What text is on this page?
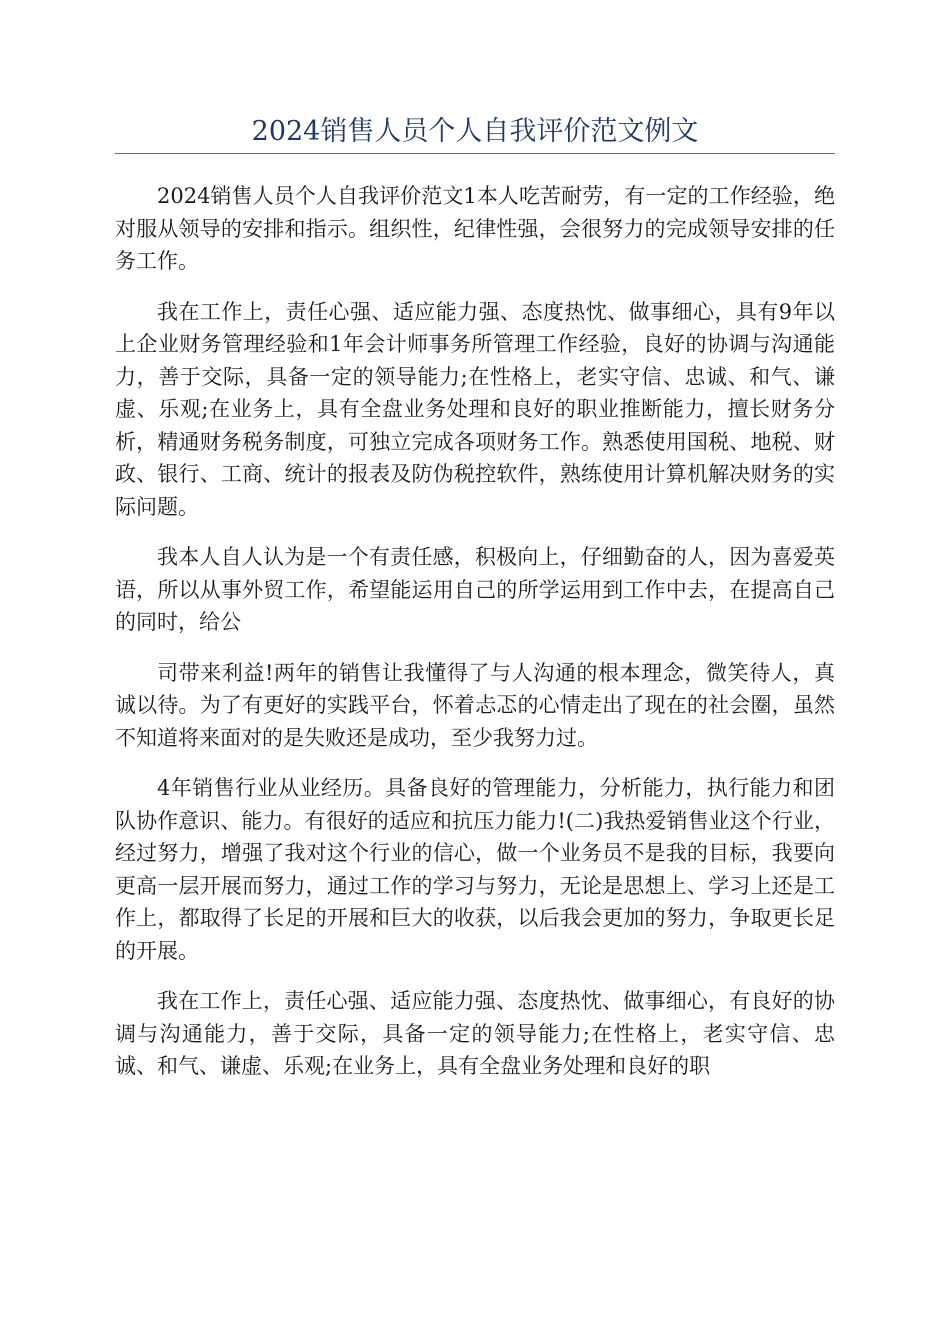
2024销售人员个人自我评价范文例文

2024销售人员个人自我评价范文1本人吃苦耐劳，有一定的工作经验，绝对服从领导的安排和指示。组织性，纪律性强，会很努力的完成领导安排的任务工作。

我在工作上，责任心强、适应能力强、态度热忱、做事细心，具有9年以上企业财务管理经验和1年会计师事务所管理工作经验，良好的协调与沟通能力，善于交际，具备一定的领导能力;在性格上，老实守信、忠诚、和气、谦虚、乐观;在业务上，具有全盘业务处理和良好的职业推断能力，擅长财务分析，精通财务税务制度，可独立完成各项财务工作。熟悉使用国税、地税、财政、银行、工商、统计的报表及防伪税控软件，熟练使用计算机解决财务的实际问题。

我本人自人认为是一个有责任感，积极向上，仔细勤奋的人，因为喜爱英语，所以从事外贸工作，希望能运用自己的所学运用到工作中去，在提高自己的同时，给公

司带来利益!两年的销售让我懂得了与人沟通的根本理念，微笑待人，真诚以待。为了有更好的实践平台，怀着忐忑的心情走出了现在的社会圈，虽然不知道将来面对的是失败还是成功，至少我努力过。

4年销售行业从业经历。具备良好的管理能力，分析能力，执行能力和团队协作意识、能力。有很好的适应和抗压力能力!(二)我热爱销售业这个行业，经过努力，增强了我对这个行业的信心，做一个业务员不是我的目标，我要向更高一层开展而努力，通过工作的学习与努力，无论是思想上、学习上还是工作上，都取得了长足的开展和巨大的收获，以后我会更加的努力，争取更长足的开展。

我在工作上，责任心强、适应能力强、态度热忱、做事细心，有良好的协调与沟通能力，善于交际，具备一定的领导能力;在性格上，老实守信、忠诚、和气、谦虚、乐观;在业务上，具有全盘业务处理和良好的职
